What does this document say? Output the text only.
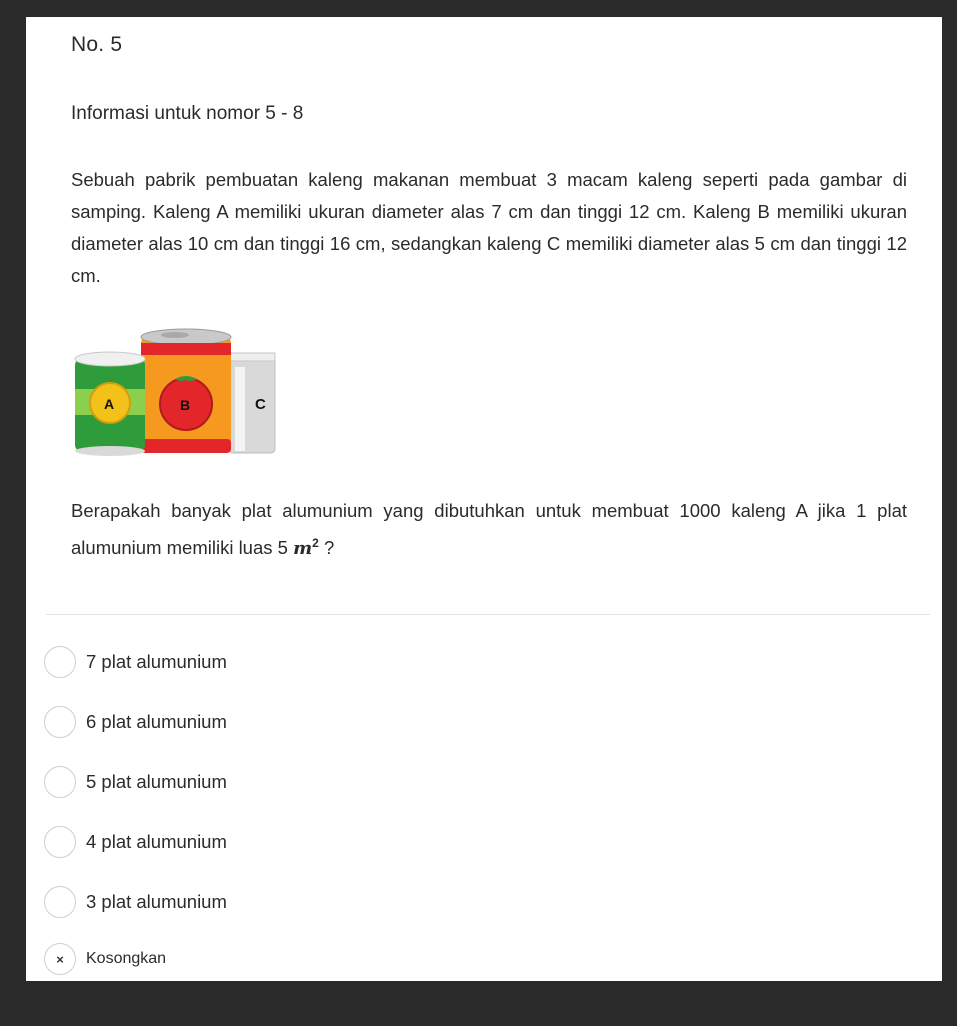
No. 5
Informasi untuk nomor 5 - 8
Sebuah pabrik pembuatan kaleng makanan membuat 3 macam kaleng seperti pada gambar di samping. Kaleng A memiliki ukuran diameter alas 7 cm dan tinggi 12 cm. Kaleng B memiliki ukuran diameter alas 10 cm dan tinggi 16 cm, sedangkan kaleng C memiliki diameter alas 5 cm dan tinggi 12 cm.
C
B
A
Berapakah banyak plat alumunium yang dibutuhkan untuk membuat 1000 kaleng A jika 1 plat alumunium memiliki luas 5 $m^2$ ?
7 plat alumunium
6 plat alumunium
5 plat alumunium
4 plat alumunium
3 plat alumunium
×	Kosongkan
